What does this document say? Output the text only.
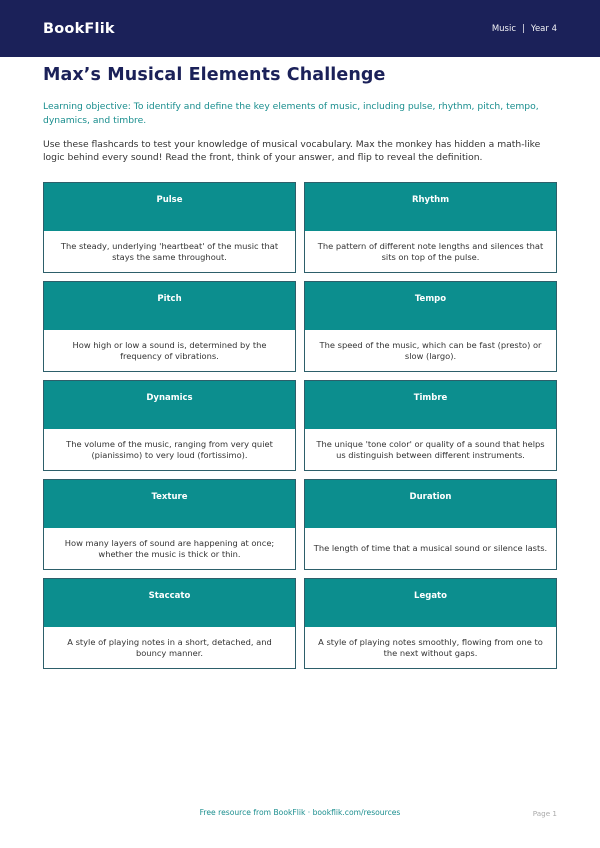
BookFlik	Music | Year 4
Max’s Musical Elements Challenge

Learning objective: To identify and define the key elements of music, including pulse, rhythm, pitch, tempo, dynamics, and timbre.

Use these flashcards to test your knowledge of musical vocabulary. Max the monkey has hidden a math-like logic behind every sound! Read the front, think of your answer, and flip to reveal the definition.

Pulse
The steady, underlying 'heartbeat' of the music that stays the same throughout.
Rhythm
The pattern of different note lengths and silences that sits on top of the pulse.
Pitch
How high or low a sound is, determined by the frequency of vibrations.
Tempo
The speed of the music, which can be fast (presto) or slow (largo).
Dynamics
The volume of the music, ranging from very quiet (pianissimo) to very loud (fortissimo).
Timbre
The unique 'tone color' or quality of a sound that helps us distinguish between different instruments.
Texture
How many layers of sound are happening at once; whether the music is thick or thin.
Duration
The length of time that a musical sound or silence lasts.
Staccato
A style of playing notes in a short, detached, and bouncy manner.
Legato
A style of playing notes smoothly, flowing from one to the next without gaps.
Free resource from BookFlik · bookflik.com/resources	Page 1
